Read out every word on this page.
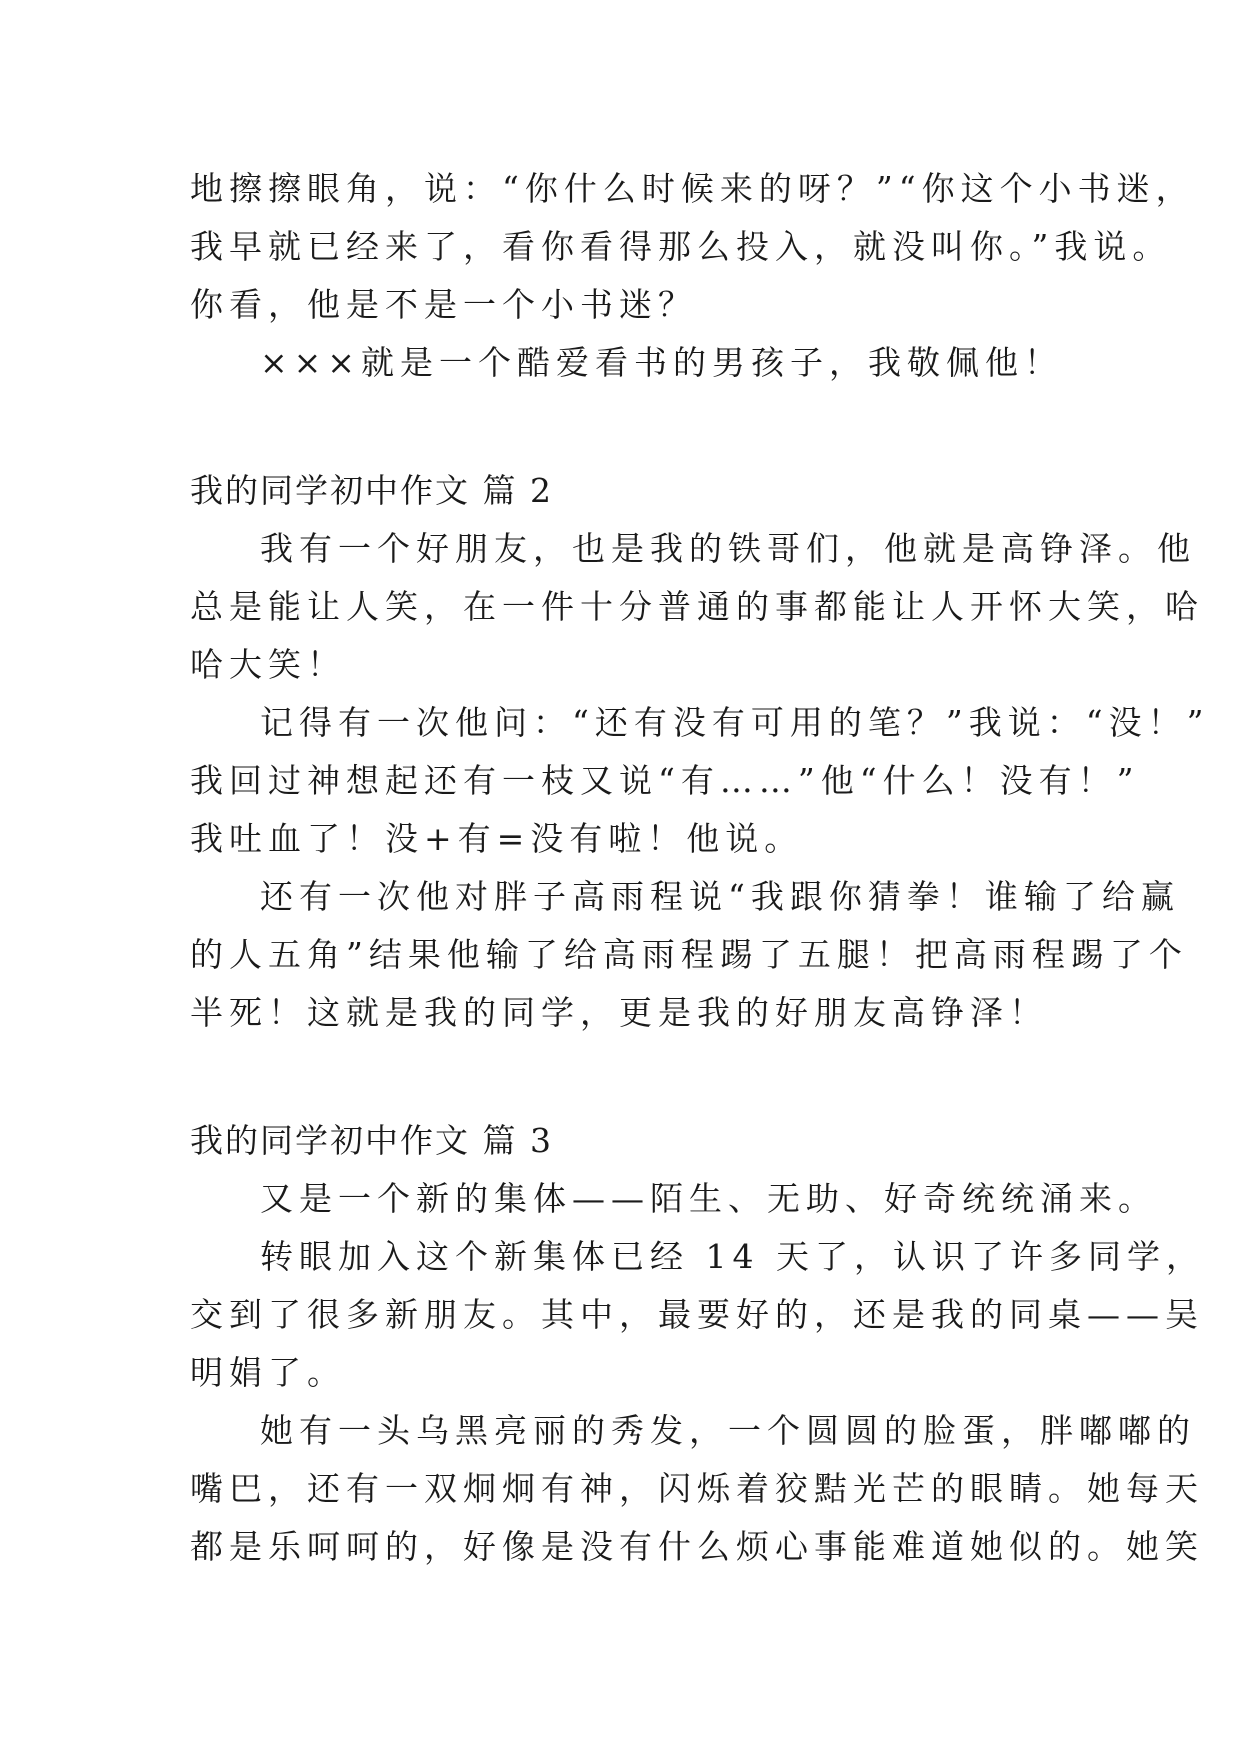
地擦擦眼角，说：“你什么时候来的呀？”“你这个小书迷，
我早就已经来了，看你看得那么投入，就没叫你。”我说。
你看，他是不是一个小书迷？
×××就是一个酷爱看书的男孩子，我敬佩他！
我的同学初中作文 篇 2
我有一个好朋友，也是我的铁哥们，他就是高铮泽。他
总是能让人笑，在一件十分普通的事都能让人开怀大笑，哈
哈大笑！
记得有一次他问：“还有没有可用的笔？”我说：“没！”
我回过神想起还有一枝又说“有……”他“什么！没有！”
我吐血了！没+有=没有啦！他说。
还有一次他对胖子高雨程说“我跟你猜拳！谁输了给赢
的人五角”结果他输了给高雨程踢了五腿！把高雨程踢了个
半死！这就是我的同学，更是我的好朋友高铮泽！
我的同学初中作文 篇 3
又是一个新的集体——陌生、无助、好奇统统涌来。
转眼加入这个新集体已经 14 天了，认识了许多同学，
交到了很多新朋友。其中，最要好的，还是我的同桌——吴
明娟了。
她有一头乌黑亮丽的秀发，一个圆圆的脸蛋，胖嘟嘟的
嘴巴，还有一双炯炯有神，闪烁着狡黠光芒的眼睛。她每天
都是乐呵呵的，好像是没有什么烦心事能难道她似的。她笑
